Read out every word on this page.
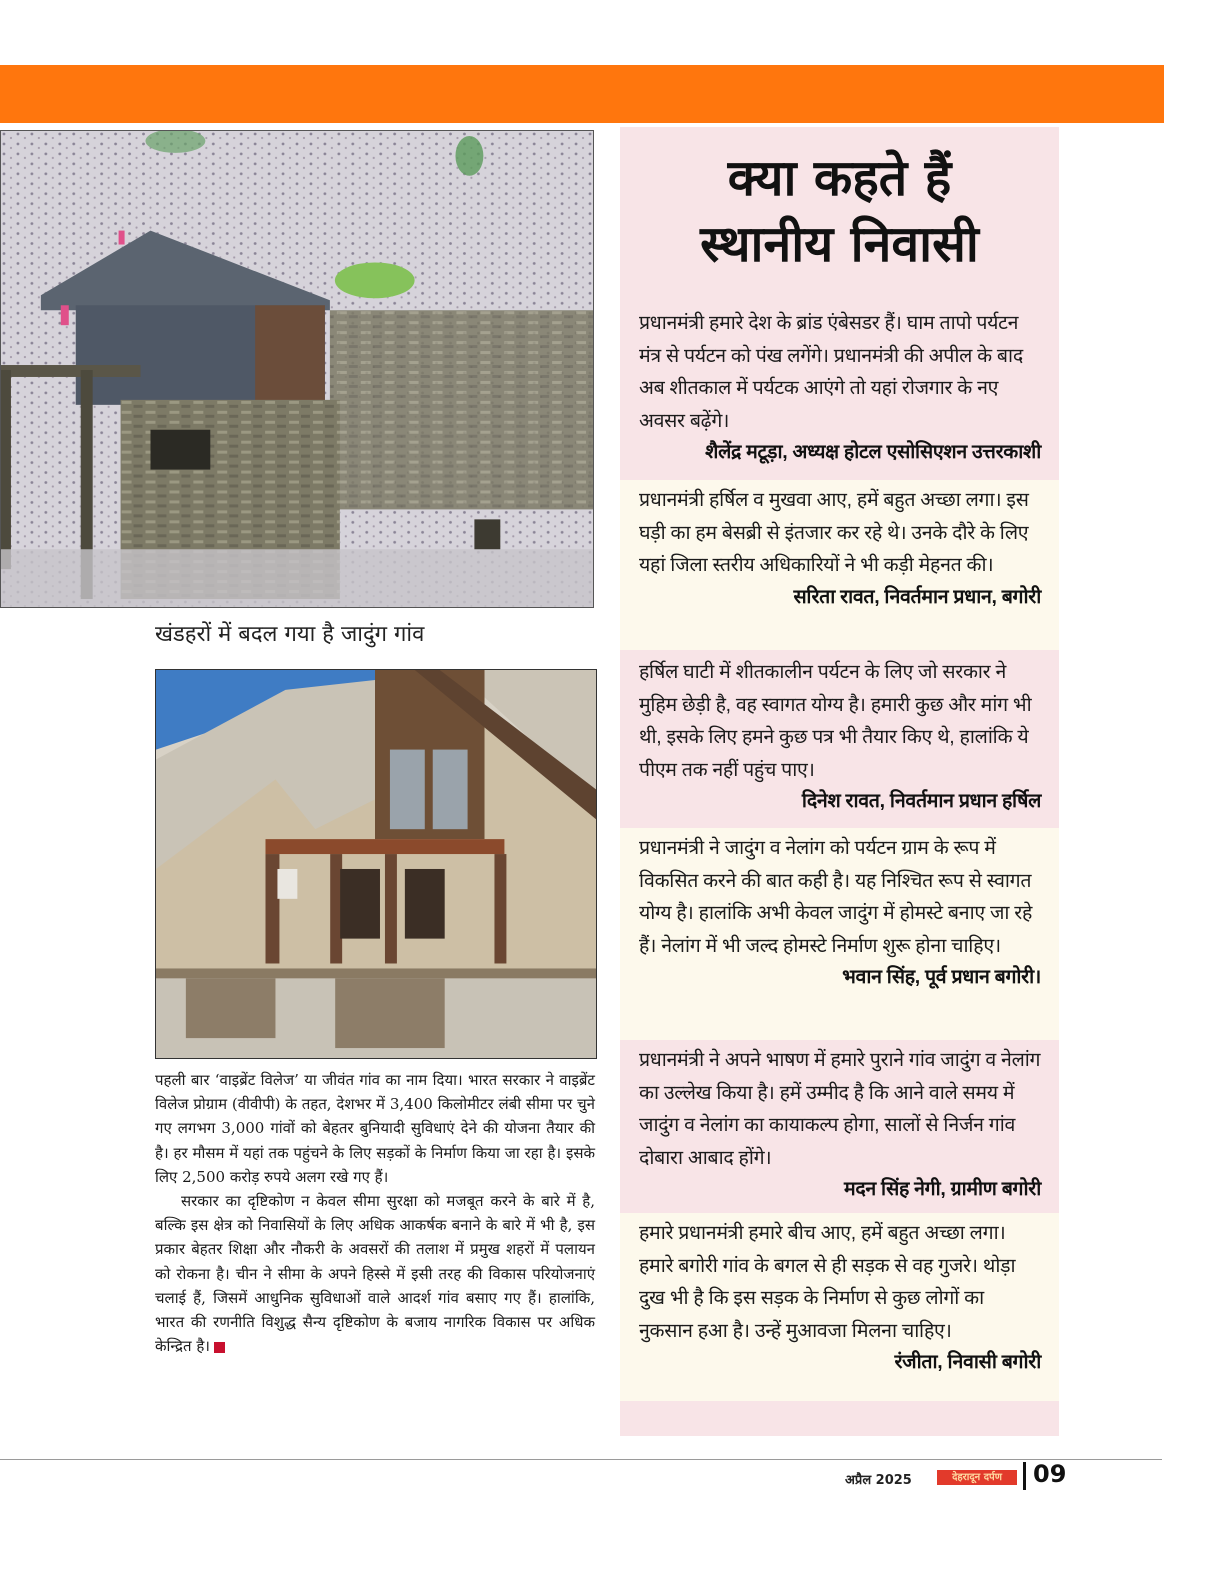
खंडहरों में बदल गया है जादुंग गांव

पहली बार ‘वाइब्रेंट विलेज’ या जीवंत गांव का नाम दिया। भारत सरकार ने वाइब्रेंट विलेज प्रोग्राम (वीवीपी) के तहत, देशभर में 3,400 किलोमीटर लंबी सीमा पर चुने गए लगभग 3,000 गांवों को बेहतर बुनियादी सुविधाएं देने की योजना तैयार की है। हर मौसम में यहां तक पहुंचने के लिए सड़कों के निर्माण किया जा रहा है। इसके लिए 2,500 करोड़ रुपये अलग रखे गए हैं।

सरकार का दृष्टिकोण न केवल सीमा सुरक्षा को मजबूत करने के बारे में है, बल्कि इस क्षेत्र को निवासियों के लिए अधिक आकर्षक बनाने के बारे में भी है, इस प्रकार बेहतर शिक्षा और नौकरी के अवसरों की तलाश में प्रमुख शहरों में पलायन को रोकना है। चीन ने सीमा के अपने हिस्से में इसी तरह की विकास परियोजनाएं चलाई हैं, जिसमें आधुनिक सुविधाओं वाले आदर्श गांव बसाए गए हैं। हालांकि, भारत की रणनीति विशुद्ध सैन्य दृष्टिकोण के बजाय नागरिक विकास पर अधिक केन्द्रित है।

क्या कहते हैं
स्थानीय निवासी
प्रधानमंत्री हमारे देश के ब्रांड एंबेसडर हैं। घाम तापो पर्यटन मंत्र से पर्यटन को पंख लगेंगे। प्रधानमंत्री की अपील के बाद अब शीतकाल में पर्यटक आएंगे तो यहां रोजगार के नए अवसर बढ़ेंगे।
शैलेंद्र मटूड़ा, अध्यक्ष होटल एसोसिएशन उत्तरकाशी
प्रधानमंत्री हर्षिल व मुखवा आए, हमें बहुत अच्छा लगा। इस घड़ी का हम बेसब्री से इंतजार कर रहे थे। उनके दौरे के लिए यहां जिला स्तरीय अधिकारियों ने भी कड़ी मेहनत की।
सरिता रावत, निवर्तमान प्रधान, बगोरी
हर्षिल घाटी में शीतकालीन पर्यटन के लिए जो सरकार ने मुहिम छेड़ी है, वह स्वागत योग्य है। हमारी कुछ और मांग भी थी, इसके लिए हमने कुछ पत्र भी तैयार किए थे, हालांकि ये पीएम तक नहीं पहुंच पाए।
दिनेश रावत, निवर्तमान प्रधान हर्षिल
प्रधानमंत्री ने जादुंग व नेलांग को पर्यटन ग्राम के रूप में विकसित करने की बात कही है। यह निश्चित रूप से स्वागत योग्य है। हालांकि अभी केवल जादुंग में होमस्टे बनाए जा रहे हैं। नेलांग में भी जल्द होमस्टे निर्माण शुरू होना चाहिए।
भवान सिंह, पूर्व प्रधान बगोरी।
प्रधानमंत्री ने अपने भाषण में हमारे पुराने गांव जादुंग व नेलांग का उल्लेख किया है। हमें उम्मीद है कि आने वाले समय में जादुंग व नेलांग का कायाकल्प होगा, सालों से निर्जन गांव दोबारा आबाद होंगे।
मदन सिंह नेगी, ग्रामीण बगोरी
हमारे प्रधानमंत्री हमारे बीच आए, हमें बहुत अच्छा लगा। हमारे बगोरी गांव के बगल से ही सड़क से वह गुजरे। थोड़ा दुख भी है कि इस सड़क के निर्माण से कुछ लोगों का नुकसान हआ है। उन्हें मुआवजा मिलना चाहिए।
रंजीता, निवासी बगोरी
अप्रैल 2025	देहरादून दर्पण	09
